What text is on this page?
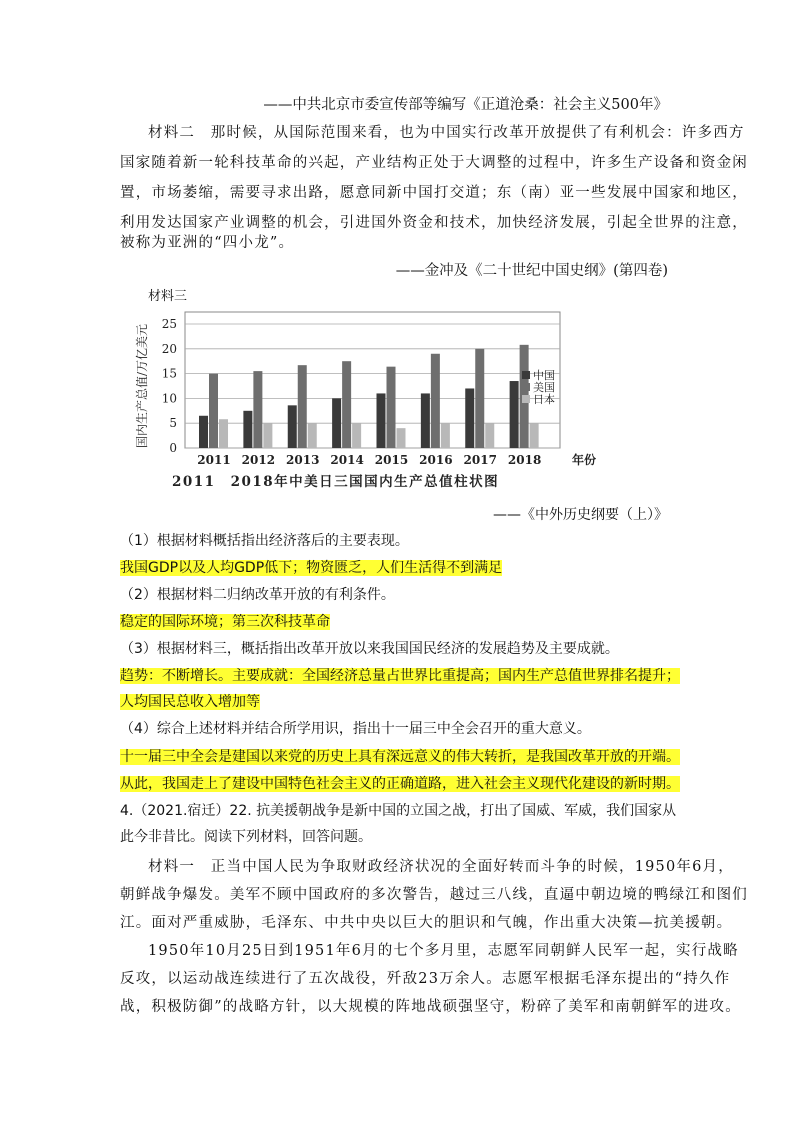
——中共北京市委宣传部等编写《正道沧桑：社会主义500年》
材料二　那时候，从国际范围来看，也为中国实行改革开放提供了有利机会：许多西方
国家随着新一轮科技革命的兴起，产业结构正处于大调整的过程中，许多生产设备和资金闲
置，市场萎缩，需要寻求出路，愿意同新中国打交道；东（南）亚一些发展中国家和地区，
利用发达国家产业调整的机会，引进国外资金和技术，加快经济发展，引起全世界的注意，
被称为亚洲的“四小龙”。
——金冲及《二十世纪中国史纲》(第四卷)
材料三
0
5
10
15
20
25
国内生产总值/万亿美元
2011 2012 2013 2014 2015 2016 2017 2018	年份
中国
美国
日本
2011　2018年中美日三国国内生产总值柱状图
——《中外历史纲要（上）》
（1）根据材料概括指出经济落后的主要表现。
我国GDP以及人均GDP低下；物资匮乏，人们生活得不到满足
（2）根据材料二归纳改革开放的有利条件。
稳定的国际环境；第三次科技革命
（3）根据材料三，概括指出改革开放以来我国国民经济的发展趋势及主要成就。
趋势：不断增长。主要成就：全国经济总量占世界比重提高；国内生产总值世界排名提升；
人均国民总收入增加等
（4）综合上述材料并结合所学用识，指出十一届三中全会召开的重大意义。
十一届三中全会是建国以来党的历史上具有深远意义的伟大转折，是我国改革开放的开端。
从此，我国走上了建设中国特色社会主义的正确道路，进入社会主义现代化建设的新时期。
4.（2021.宿迁）22. 抗美援朝战争是新中国的立国之战，打出了国威、军威，我们国家从
此今非昔比。阅读下列材料，回答问题。
材料一　正当中国人民为争取财政经济状况的全面好转而斗争的时候，1950年6月，
朝鲜战争爆发。美军不顾中国政府的多次警告，越过三八线，直逼中朝边境的鸭绿江和图们
江。面对严重威胁，毛泽东、中共中央以巨大的胆识和气魄，作出重大决策—抗美援朝。
1950年10月25日到1951年6月的七个多月里，志愿军同朝鲜人民军一起，实行战略
反攻，以运动战连续进行了五次战役，歼敌23万余人。志愿军根据毛泽东提出的“持久作
战，积极防御”的战略方针，以大规模的阵地战硕强坚守，粉碎了美军和南朝鲜军的进攻。
